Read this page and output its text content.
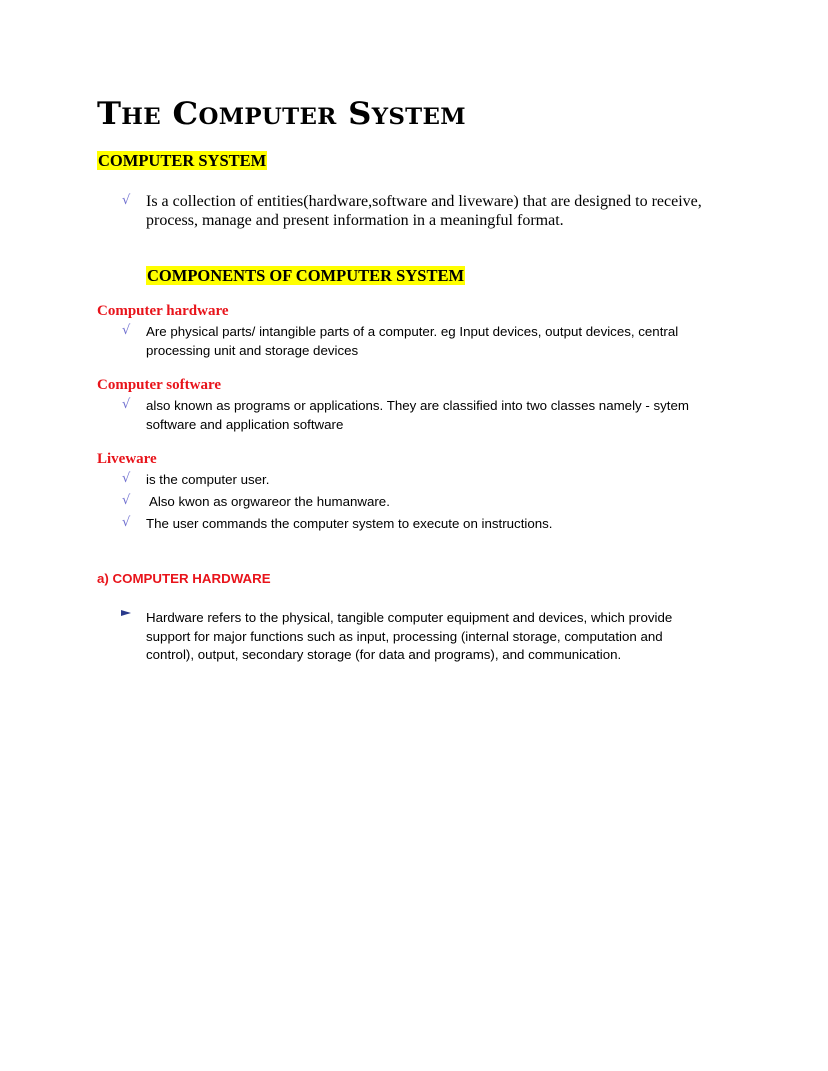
The Computer System
COMPUTER SYSTEM
√ Is a collection of entities(hardware,software and liveware) that are designed to receive, process, manage and present information in a meaningful format.
COMPONENTS OF COMPUTER SYSTEM
Computer hardware
√ Are physical parts/ intangible parts of a computer. eg Input devices, output devices, central processing unit and storage devices
Computer software
√ also known as programs or applications. They are classified into two classes namely - sytem software and application software
Liveware
√ is the computer user.
√ Also kwon as orgwareor the humanware.
√ The user commands the computer system to execute on instructions.
a) COMPUTER HARDWARE
Hardware refers to the physical, tangible computer equipment and devices, which provide support for major functions such as input, processing (internal storage, computation and control), output, secondary storage (for data and programs), and communication.
